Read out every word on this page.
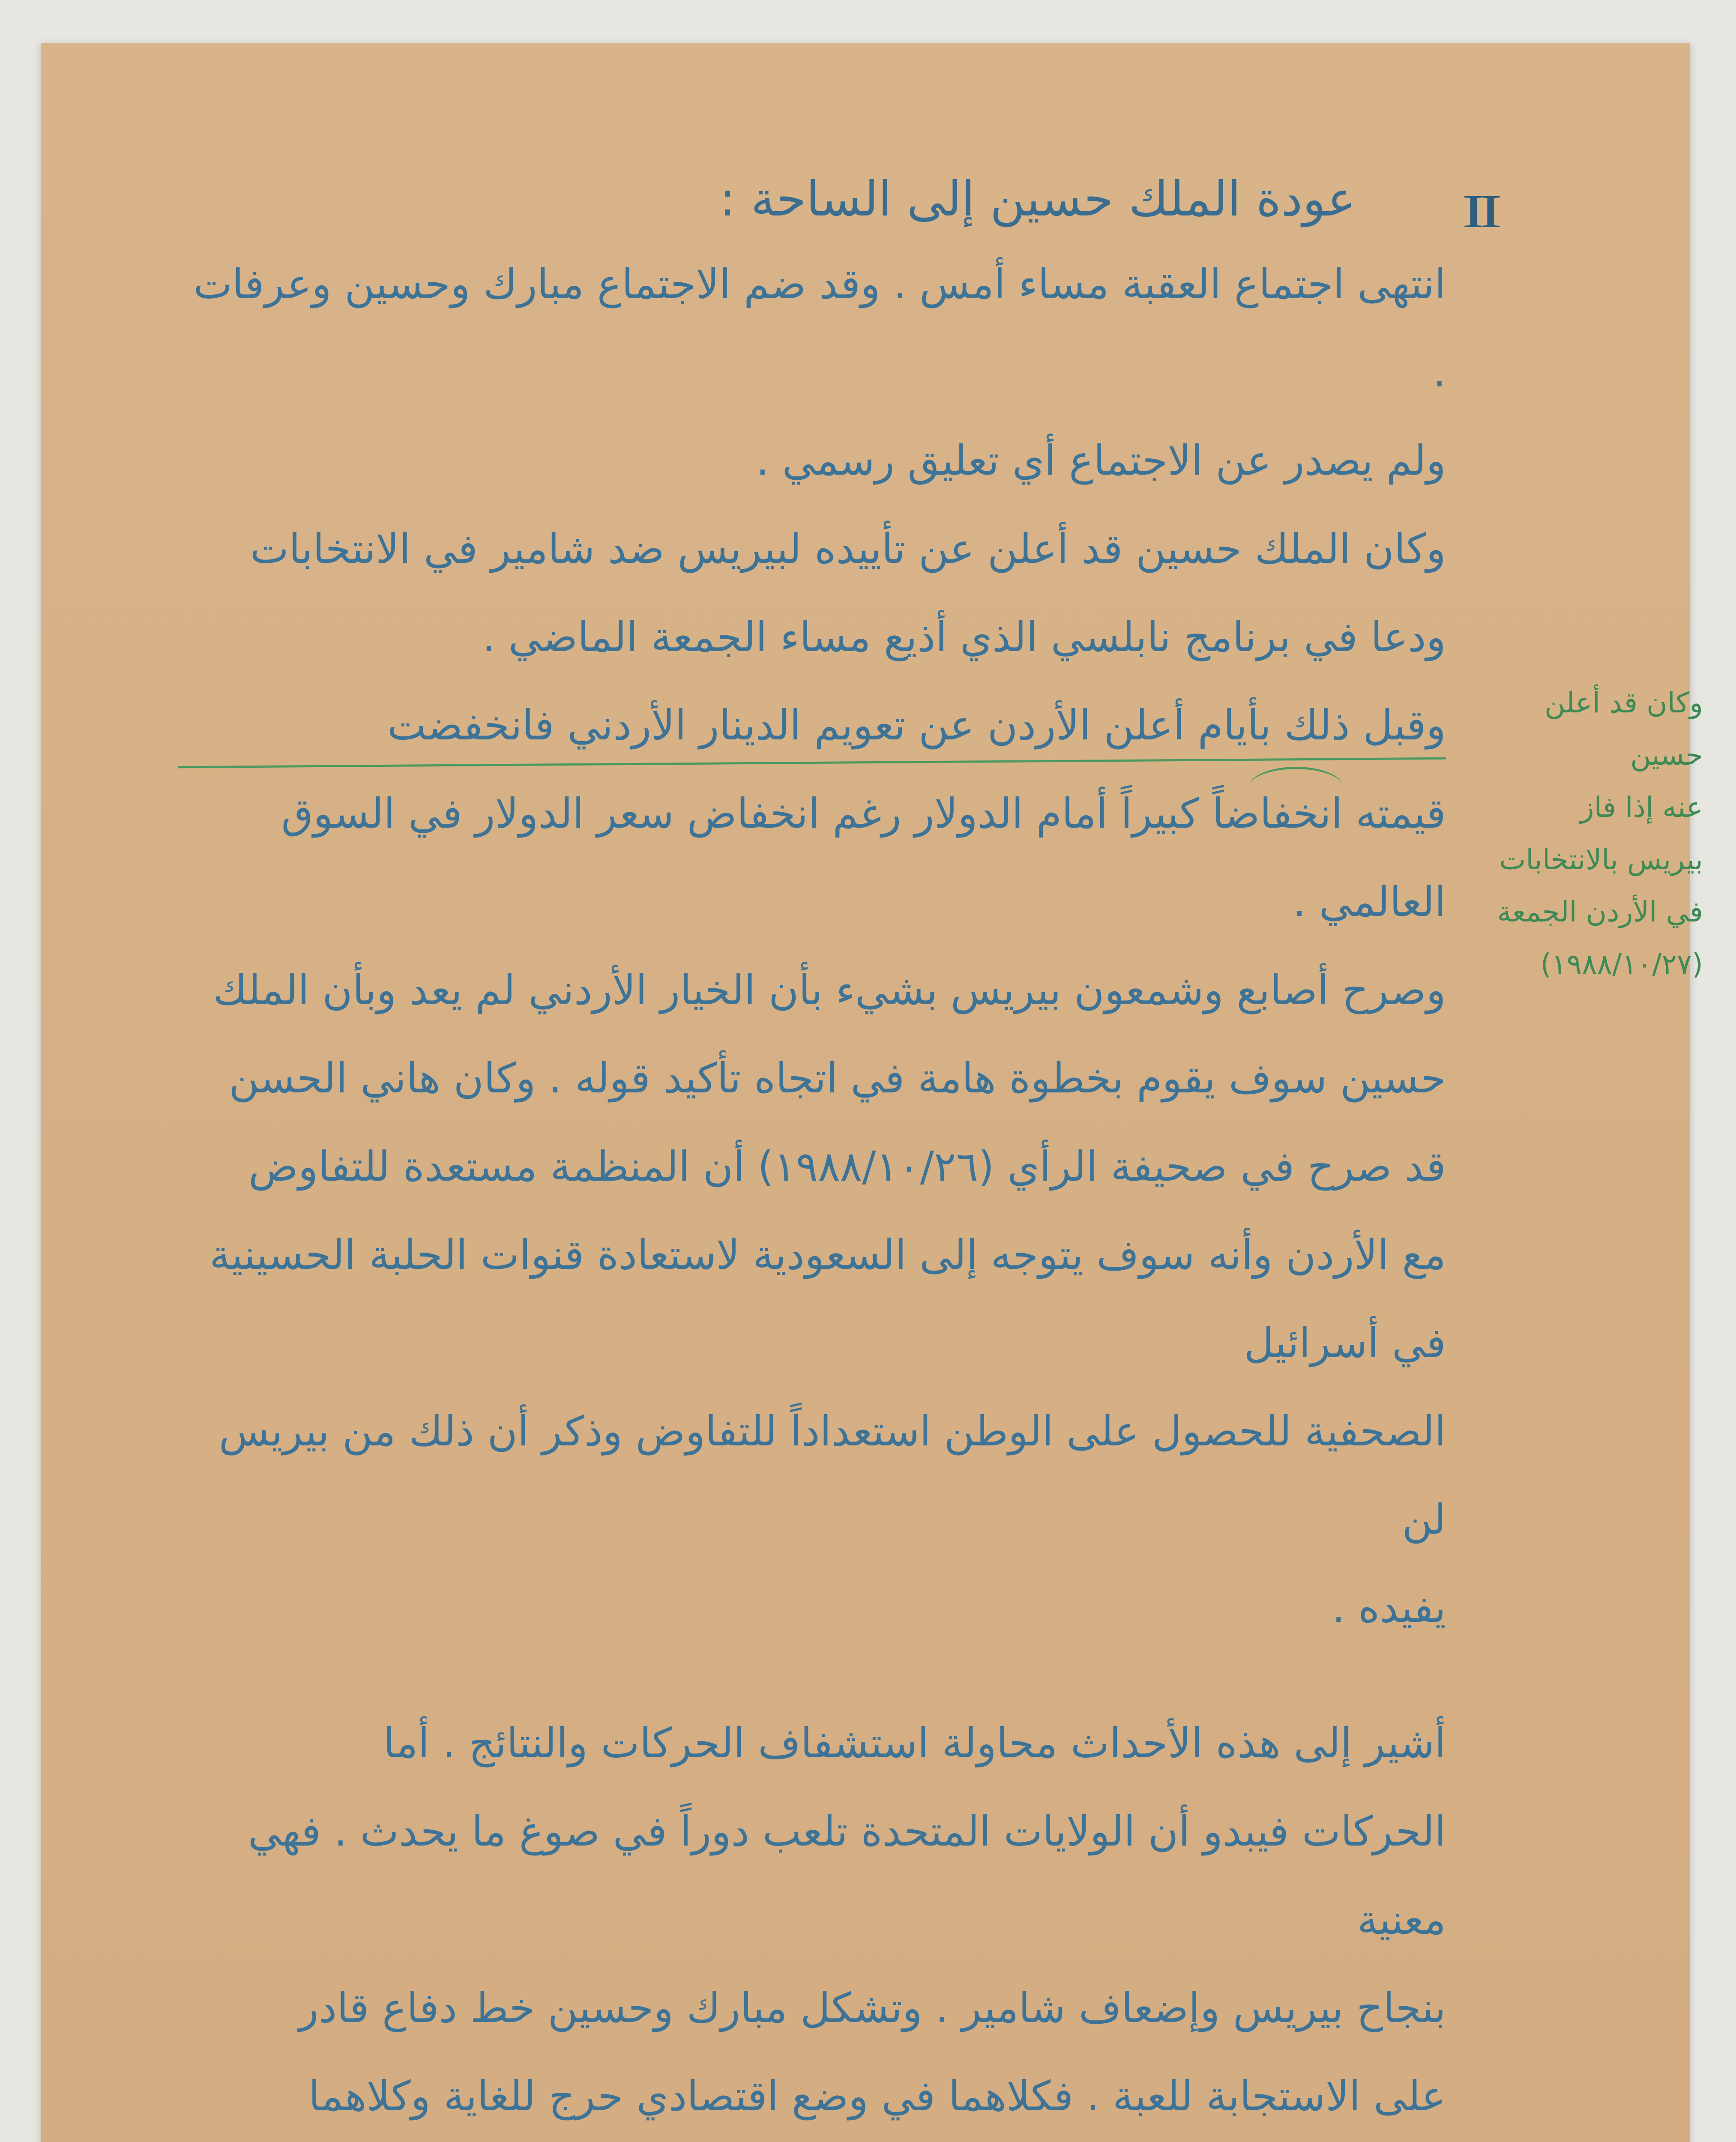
II
عودة الملك حسين إلى الساحة :

انتهى اجتماع العقبة مساء أمس . وقد ضم الاجتماع مبارك وحسين وعرفات .

ولم يصدر عن الاجتماع أي تعليق رسمي .

وكان الملك حسين قد أعلن عن تأييده لبيريس ضد شامير في الانتخابات

ودعا في برنامج نابلسي الذي أذيع مساء الجمعة الماضي .

وقبل ذلك بأيام أعلن الأردن عن تعويم الدينار الأردني فانخفضت

قيمته انخفاضاً كبيراً أمام الدولار رغم انخفاض سعر الدولار في السوق العالمي .

وصرح أصابع وشمعون بيريس بشيء بأن الخيار الأردني لم يعد وبأن الملك

حسين سوف يقوم بخطوة هامة في اتجاه تأكيد قوله . وكان هاني الحسن

قد صرح في صحيفة الرأي (١٩٨٨/١٠/٢٦) أن المنظمة مستعدة للتفاوض

مع الأردن وأنه سوف يتوجه إلى السعودية لاستعادة قنوات الحلبة الحسينية في أسرائيل

الصحفية للحصول على الوطن استعداداً للتفاوض وذكر أن ذلك من بيريس لن

يفيده .

أشير إلى هذه الأحداث محاولة استشفاف الحركات والنتائج . أما

الحركات فيبدو أن الولايات المتحدة تلعب دوراً في صوغ ما يحدث . فهي معنية

بنجاح بيريس وإضعاف شامير . وتشكل مبارك وحسين خط دفاع قادر

على الاستجابة للعبة . فكلاهما في وضع اقتصادي حرج للغاية وكلاهما

وكان قد أعلن حسين

عنه إذا فاز

بيريس بالانتخابات

في الأردن الجمعة

(١٩٨٨/١٠/٢٧)
